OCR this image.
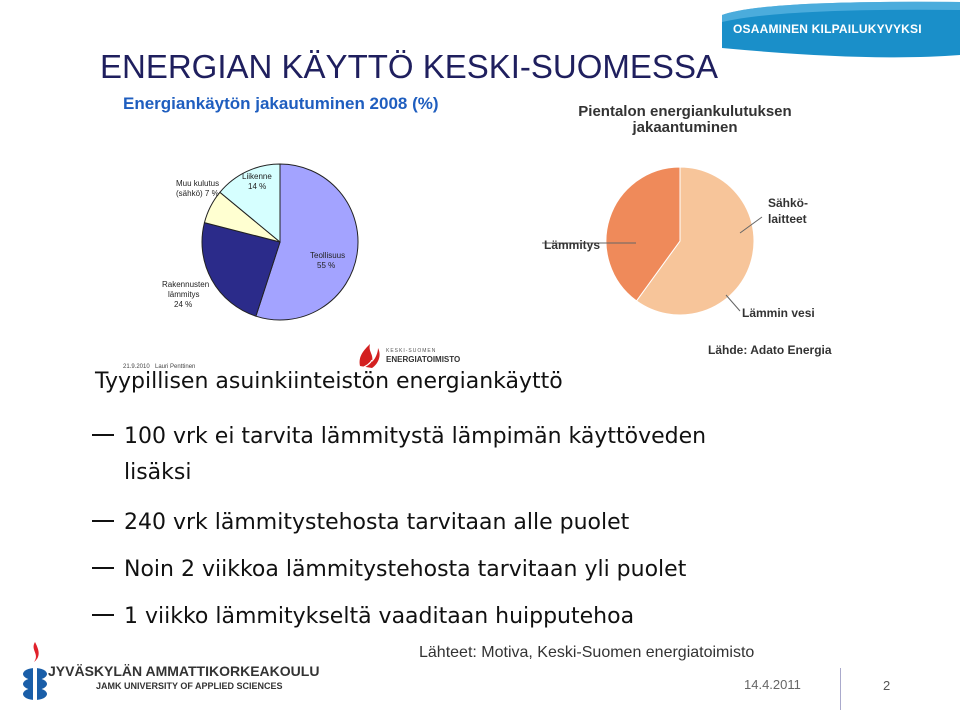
OSAAMINEN KILPAILUKYVYKSI
ENERGIAN KÄYTTÖ KESKI-SUOMESSA
Energiankäytön jakautuminen 2008 (%)
Teollisuus
55 %
Rakennusten
lämmitys
24 %
Muu kulutus
(sähkö) 7 %
Liikenne
14 %
21.9.2010 Lauri Penttinen
KESKI-SUOMEN
ENERGIATOIMISTO
Pientalon energiankulutuksen
jakaantuminen
Lämmitys
Sähkö-
laitteet
Lämmin vesi
Lähde: Adato Energia
Tyypillisen asuinkiinteistön energiankäyttö
100 vrk ei tarvita lämmitystä lämpimän käyttöveden
lisäksi
240 vrk lämmitystehosta tarvitaan alle puolet
Noin 2 viikkoa lämmitystehosta tarvitaan yli puolet
1 viikko lämmitykseltä vaaditaan huipputehoa
Lähteet: Motiva, Keski-Suomen energiatoimisto
JYVÄSKYLÄN AMMATTIKORKEAKOULU
JAMK UNIVERSITY OF APPLIED SCIENCES	14.4.2011	2
